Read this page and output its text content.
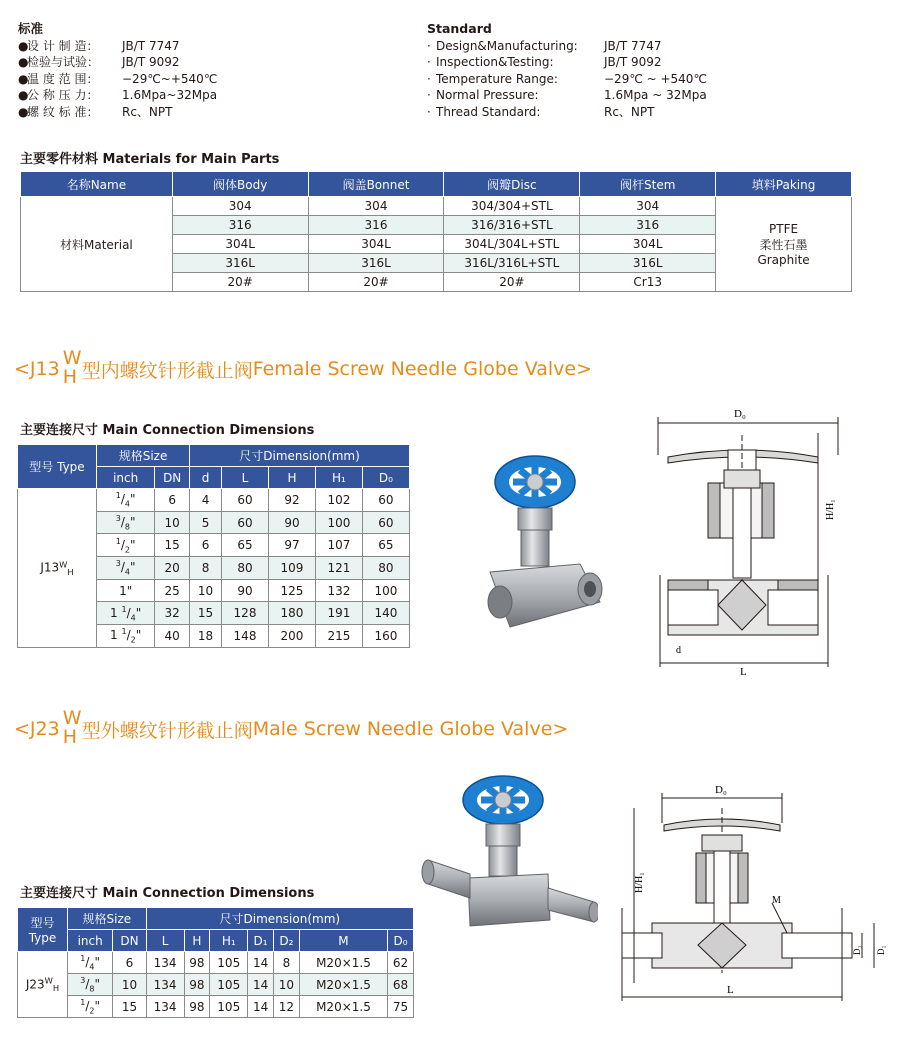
标准
●
设 计 制 造：	JB/T 7747
●
检验与试验：	JB/T 9092
●
温 度 范 围：	−29℃~+540℃
●
公 称 压 力：	1.6Mpa~32Mpa
●
螺 纹 标 准：	Rc、NPT
Standard
· Design&Manufacturing:	JB/T 7747
· Inspection&Testing:	JB/T 9092
· Temperature Range:	−29℃ ~ +540℃
· Normal Pressure:	1.6Mpa ~ 32Mpa
· Thread Standard:	Rc、NPT
主要零件材料 Materials for Main Parts
名称Name	阀体Body	阀盖Bonnet	阀瓣Disc	阀杆Stem	填料Paking
材料Material	304	304	304/304+STL	304	PTFE
柔性石墨
Graphite

	316	316	316/316+STL	316	
	304L	304L	304L/304L+STL	304L	
	316L	316L	316L/316L+STL	316L	
	20#	20#	20#	Cr13	
<J13 W
H 型内螺纹针形截止阀 Female Screw Needle Globe Valve>
主要连接尺寸 Main Connection Dimensions
型号 Type	规格Size		尺寸Dimension(mm)				
	inch	DN	d	L	H	H₁	D₀
$J13^W_H$	$^1/_4$"	6	4	60	92	102	60
	$^3/_8$"	10	5	60	90	100	60
	$^1/_2$"	15	6	65	97	107	65
	$^3/_4$"	20	8	80	109	121	80
	1"	25	10	90	125	132	100
	1 $^1/_4$"	32	15	128	180	191	140
	1 $^1/_2$"	40	18	148	200	215	160
D₀
H/H₁
d
L
<J23 W
H 型外螺纹针形截止阀 Male Screw Needle Globe Valve>
主要连接尺寸 Main Connection Dimensions
型号 Type	规格Size		尺寸Dimension(mm)						
	inch	DN	L	H	H₁	D₁	D₂	M	D₀
$J23^W_H$	$^1/_4$"	6	134	98	105	14	8	M20×1.5	62
	$^3/_8$"	10	134	98	105	14	10	M20×1.5	68
	$^1/_2$"	15	134	98	105	14	12	M20×1.5	75
D₀
H/H₁
M
D₂ D₁
L
